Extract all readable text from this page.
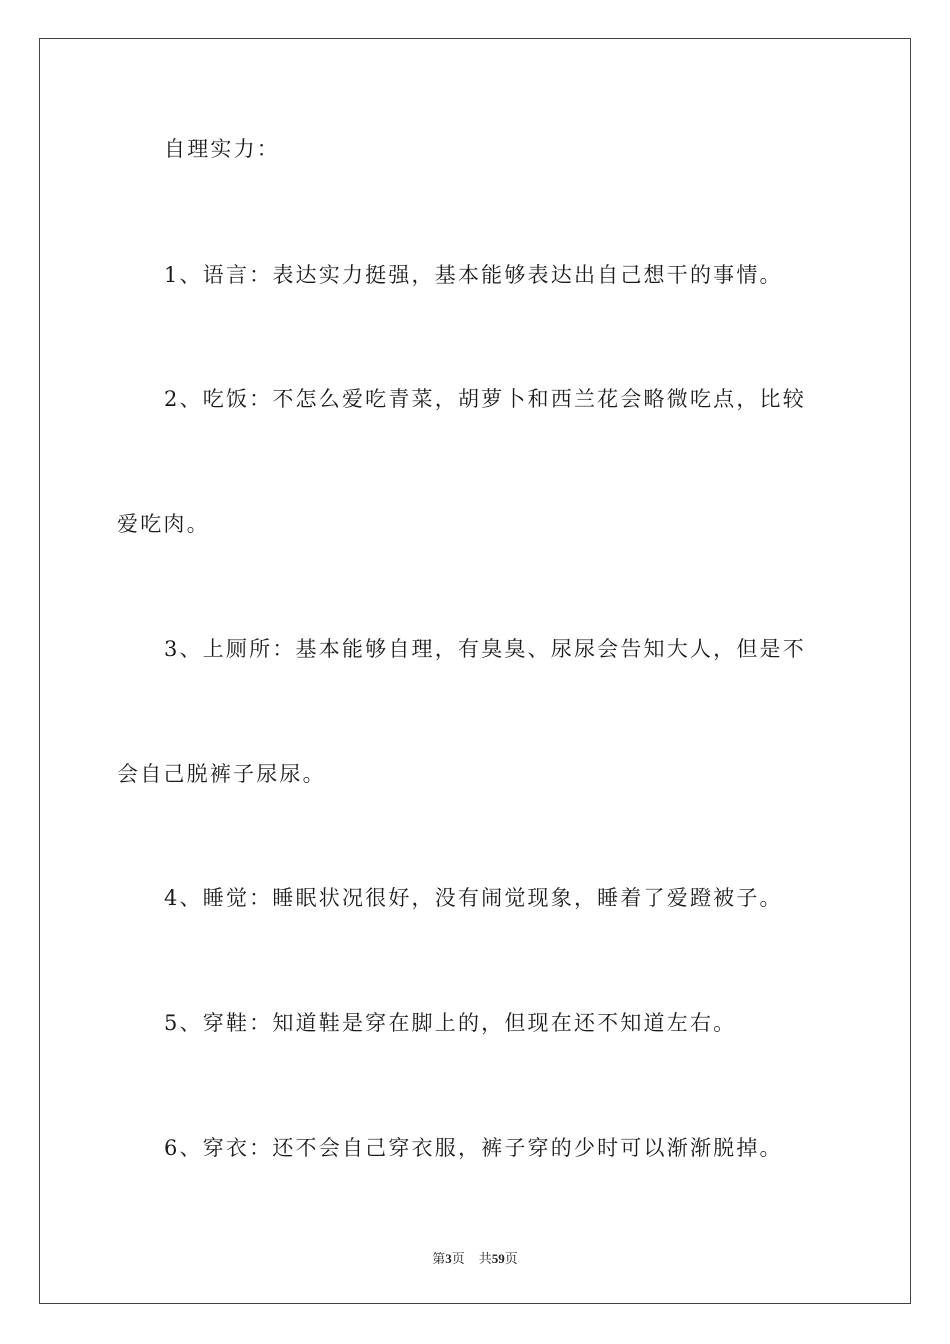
自理实力：
1、语言：表达实力挺强，基本能够表达出自己想干的事情。
2、吃饭：不怎么爱吃青菜，胡萝卜和西兰花会略微吃点，比较
爱吃肉。
3、上厕所：基本能够自理，有臭臭、尿尿会告知大人，但是不
会自己脱裤子尿尿。
4、睡觉：睡眠状况很好，没有闹觉现象，睡着了爱蹬被子。
5、穿鞋：知道鞋是穿在脚上的，但现在还不知道左右。
6、穿衣：还不会自己穿衣服，裤子穿的少时可以渐渐脱掉。
第3页 共59页
